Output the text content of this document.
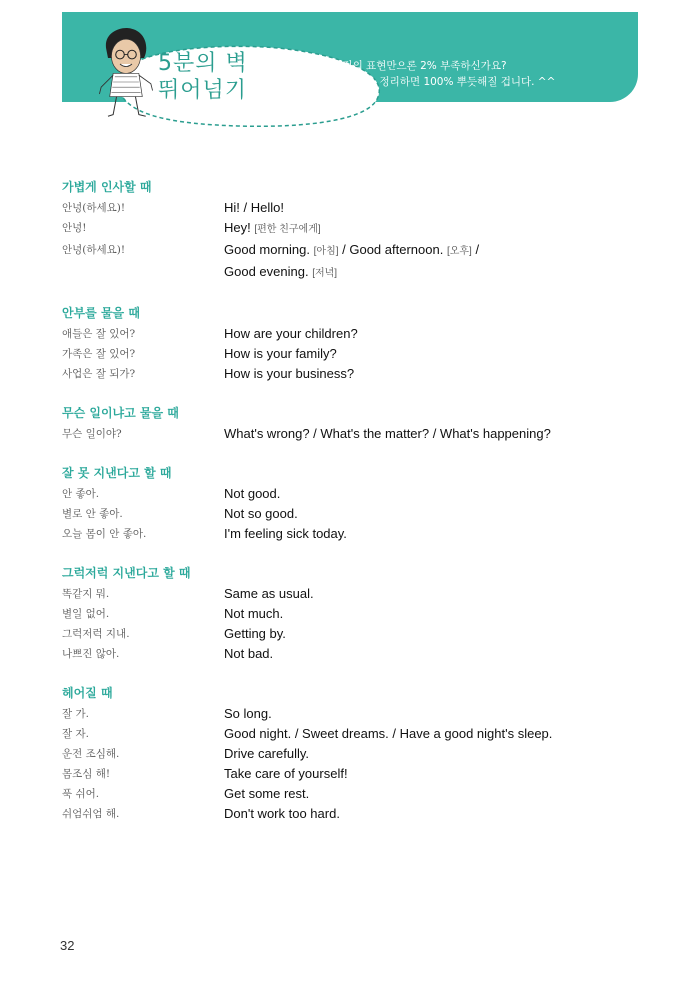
5분의 벽
뛰어넘기
상황패턴의 표현만으론 2% 부족하신가요?
다음 표현들을 정리하면 100% 뿌듯해질 겁니다. ^^
가볍게 인사할 때
안녕(하세요)!	Hi! / Hello!
안녕!	Hey! [편한 친구에게]
안녕(하세요)!	Good morning. [아침] / Good afternoon. [오후] /
Good evening. [저녁]
안부를 물을 때
애들은 잘 있어?	How are your children?
가족은 잘 있어?	How is your family?
사업은 잘 되가?	How is your business?
무슨 일이냐고 물을 때
무슨 일이야?	What's wrong? / What's the matter? / What's happening?
잘 못 지낸다고 할 때
안 좋아.	Not good.
별로 안 좋아.	Not so good.
오늘 몸이 안 좋아.	I'm feeling sick today.
그럭저럭 지낸다고 할 때
똑같지 뭐.	Same as usual.
별일 없어.	Not much.
그럭저럭 지내.	Getting by.
나쁘진 않아.	Not bad.
헤어질 때
잘 가.	So long.
잘 자.	Good night. / Sweet dreams. / Have a good night's sleep.
운전 조심해.	Drive carefully.
몸조심 해!	Take care of yourself!
푹 쉬어.	Get some rest.
쉬엄쉬엄 해.	Don't work too hard.
32
